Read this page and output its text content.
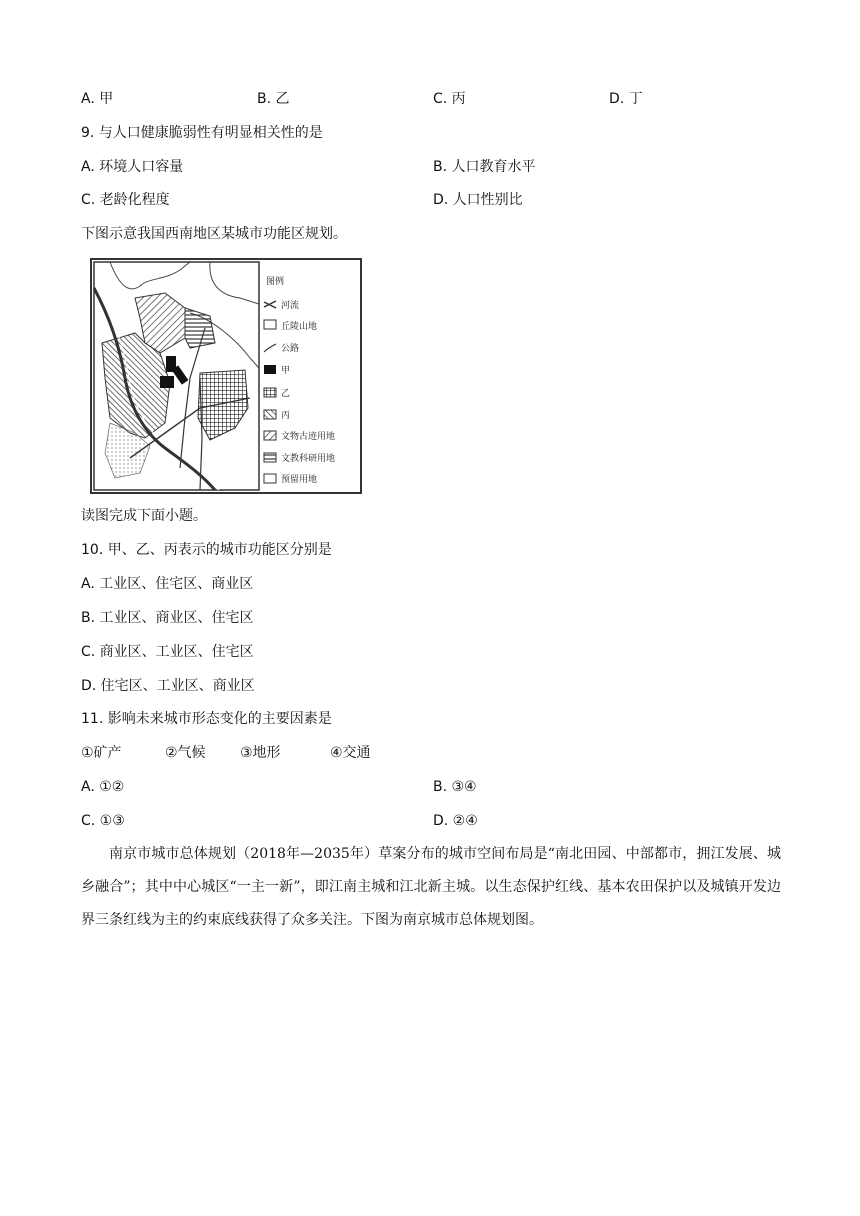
A. 甲	B. 乙	C. 丙	D. 丁
9. 与人口健康脆弱性有明显相关性的是
A. 环境人口容量	B. 人口教育水平
C. 老龄化程度	D. 人口性别比
下图示意我国西南地区某城市功能区规划。
图例
河流
丘陵山地
公路
甲
乙
丙
文物古迹用地
文教科研用地
预留用地
读图完成下面小题。
10. 甲、乙、丙表示的城市功能区分别是
A. 工业区、住宅区、商业区
B. 工业区、商业区、住宅区
C. 商业区、工业区、住宅区
D. 住宅区、工业区、商业区
11. 影响未来城市形态变化的主要因素是
①矿产	②气候 ③地形	④交通
A. ①②	B. ③④
C. ①③	D. ②④
南京市城市总体规划（2018年—2035年）草案分布的城市空间布局是“南北田园、中部都市，拥江发展、城乡融合”；其中中心城区“一主一新”，即江南主城和江北新主城。以生态保护红线、基本农田保护以及城镇开发边界三条红线为主的约束底线获得了众多关注。下图为南京城市总体规划图。
